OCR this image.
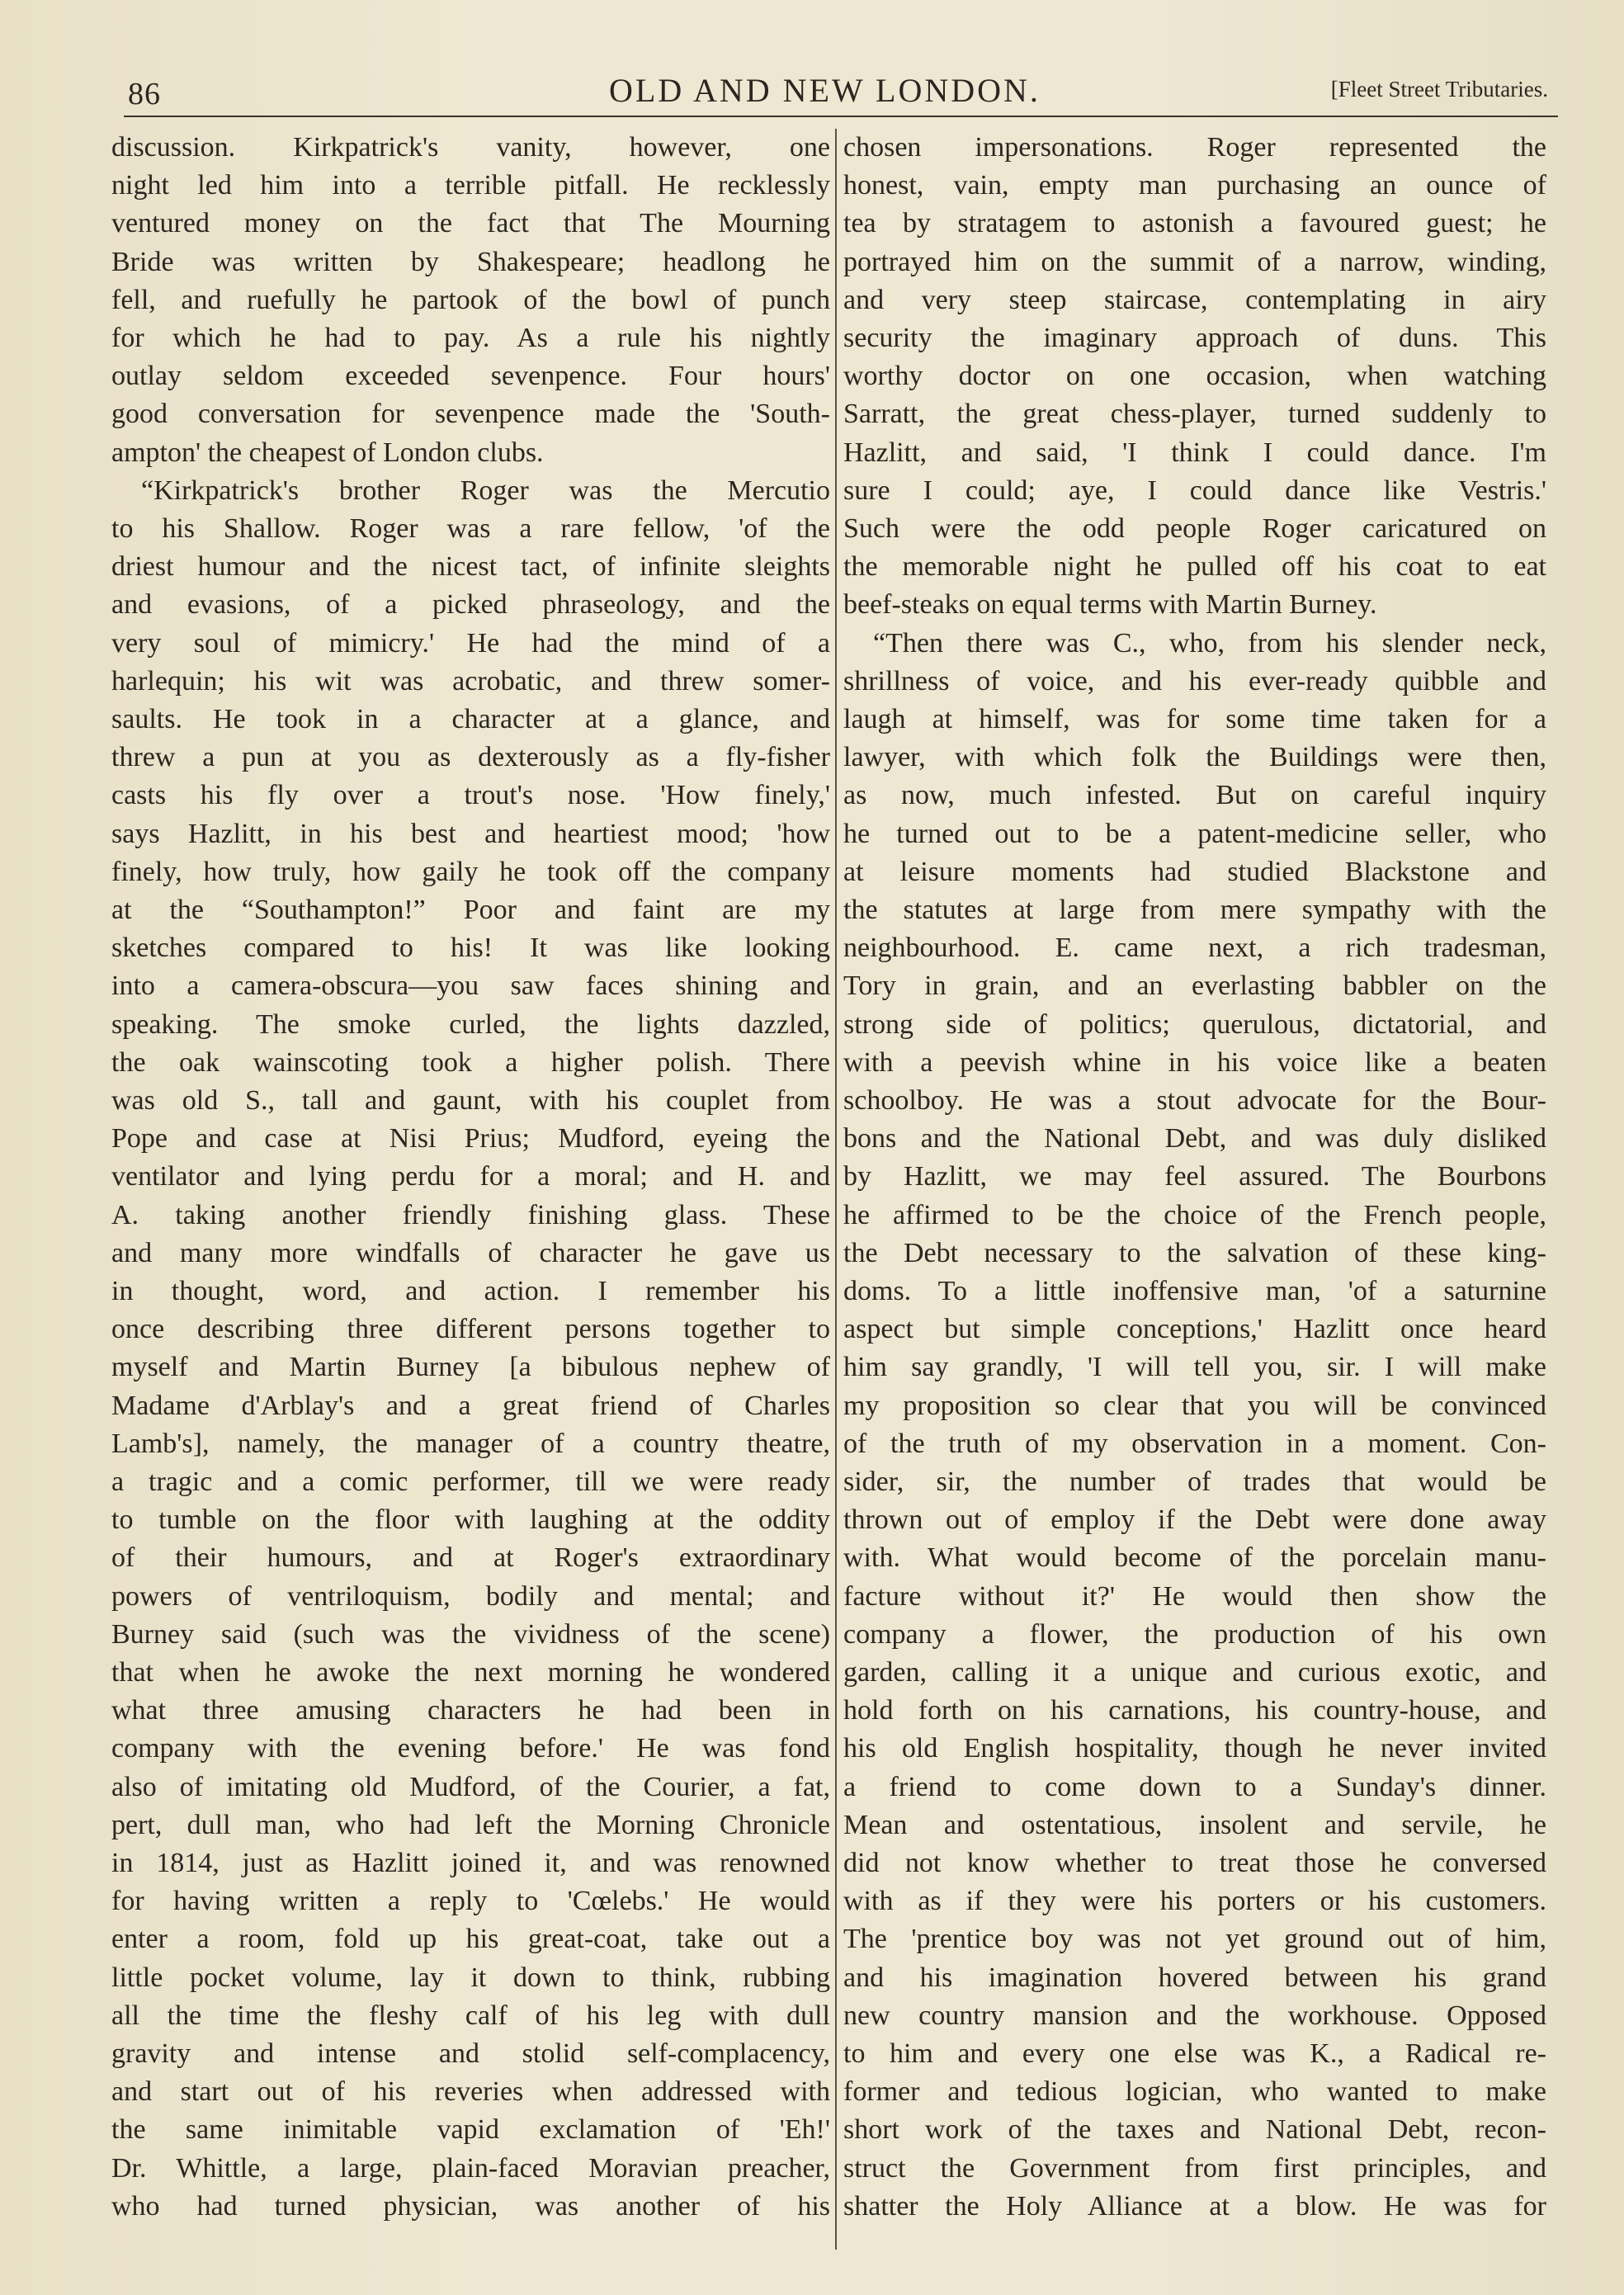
86	OLD AND NEW LONDON.	[Fleet Street Tributaries.
discussion. Kirkpatrick's vanity, however, one
night led him into a terrible pitfall. He recklessly
ventured money on the fact that The Mourning
Bride was written by Shakespeare; headlong he
fell, and ruefully he partook of the bowl of punch
for which he had to pay. As a rule his nightly
outlay seldom exceeded sevenpence. Four hours'
good conversation for sevenpence made the 'South-
ampton' the cheapest of London clubs.
“Kirkpatrick's brother Roger was the Mercutio
to his Shallow. Roger was a rare fellow, 'of the
driest humour and the nicest tact, of infinite sleights
and evasions, of a picked phraseology, and the
very soul of mimicry.' He had the mind of a
harlequin; his wit was acrobatic, and threw somer-
saults. He took in a character at a glance, and
threw a pun at you as dexterously as a fly-fisher
casts his fly over a trout's nose. 'How finely,'
says Hazlitt, in his best and heartiest mood; 'how
finely, how truly, how gaily he took off the company
at the “Southampton!” Poor and faint are my
sketches compared to his! It was like looking
into a camera-obscura—you saw faces shining and
speaking. The smoke curled, the lights dazzled,
the oak wainscoting took a higher polish. There
was old S., tall and gaunt, with his couplet from
Pope and case at Nisi Prius; Mudford, eyeing the
ventilator and lying perdu for a moral; and H. and
A. taking another friendly finishing glass. These
and many more windfalls of character he gave us
in thought, word, and action. I remember his
once describing three different persons together to
myself and Martin Burney [a bibulous nephew of
Madame d'Arblay's and a great friend of Charles
Lamb's], namely, the manager of a country theatre,
a tragic and a comic performer, till we were ready
to tumble on the floor with laughing at the oddity
of their humours, and at Roger's extraordinary
powers of ventriloquism, bodily and mental; and
Burney said (such was the vividness of the scene)
that when he awoke the next morning he wondered
what three amusing characters he had been in
company with the evening before.' He was fond
also of imitating old Mudford, of the Courier, a fat,
pert, dull man, who had left the Morning Chronicle
in 1814, just as Hazlitt joined it, and was renowned
for having written a reply to 'Cœlebs.' He would
enter a room, fold up his great-coat, take out a
little pocket volume, lay it down to think, rubbing
all the time the fleshy calf of his leg with dull
gravity and intense and stolid self-complacency,
and start out of his reveries when addressed with
the same inimitable vapid exclamation of 'Eh!'
Dr. Whittle, a large, plain-faced Moravian preacher,
who had turned physician, was another of his
chosen impersonations. Roger represented the
honest, vain, empty man purchasing an ounce of
tea by stratagem to astonish a favoured guest; he
portrayed him on the summit of a narrow, winding,
and very steep staircase, contemplating in airy
security the imaginary approach of duns. This
worthy doctor on one occasion, when watching
Sarratt, the great chess-player, turned suddenly to
Hazlitt, and said, 'I think I could dance. I'm
sure I could; aye, I could dance like Vestris.'
Such were the odd people Roger caricatured on
the memorable night he pulled off his coat to eat
beef-steaks on equal terms with Martin Burney.
“Then there was C., who, from his slender neck,
shrillness of voice, and his ever-ready quibble and
laugh at himself, was for some time taken for a
lawyer, with which folk the Buildings were then,
as now, much infested. But on careful inquiry
he turned out to be a patent-medicine seller, who
at leisure moments had studied Blackstone and
the statutes at large from mere sympathy with the
neighbourhood. E. came next, a rich tradesman,
Tory in grain, and an everlasting babbler on the
strong side of politics; querulous, dictatorial, and
with a peevish whine in his voice like a beaten
schoolboy. He was a stout advocate for the Bour-
bons and the National Debt, and was duly disliked
by Hazlitt, we may feel assured. The Bourbons
he affirmed to be the choice of the French people,
the Debt necessary to the salvation of these king-
doms. To a little inoffensive man, 'of a saturnine
aspect but simple conceptions,' Hazlitt once heard
him say grandly, 'I will tell you, sir. I will make
my proposition so clear that you will be convinced
of the truth of my observation in a moment. Con-
sider, sir, the number of trades that would be
thrown out of employ if the Debt were done away
with. What would become of the porcelain manu-
facture without it?' He would then show the
company a flower, the production of his own
garden, calling it a unique and curious exotic, and
hold forth on his carnations, his country-house, and
his old English hospitality, though he never invited
a friend to come down to a Sunday's dinner.
Mean and ostentatious, insolent and servile, he
did not know whether to treat those he conversed
with as if they were his porters or his customers.
The 'prentice boy was not yet ground out of him,
and his imagination hovered between his grand
new country mansion and the workhouse. Opposed
to him and every one else was K., a Radical re-
former and tedious logician, who wanted to make
short work of the taxes and National Debt, recon-
struct the Government from first principles, and
shatter the Holy Alliance at a blow. He was for
